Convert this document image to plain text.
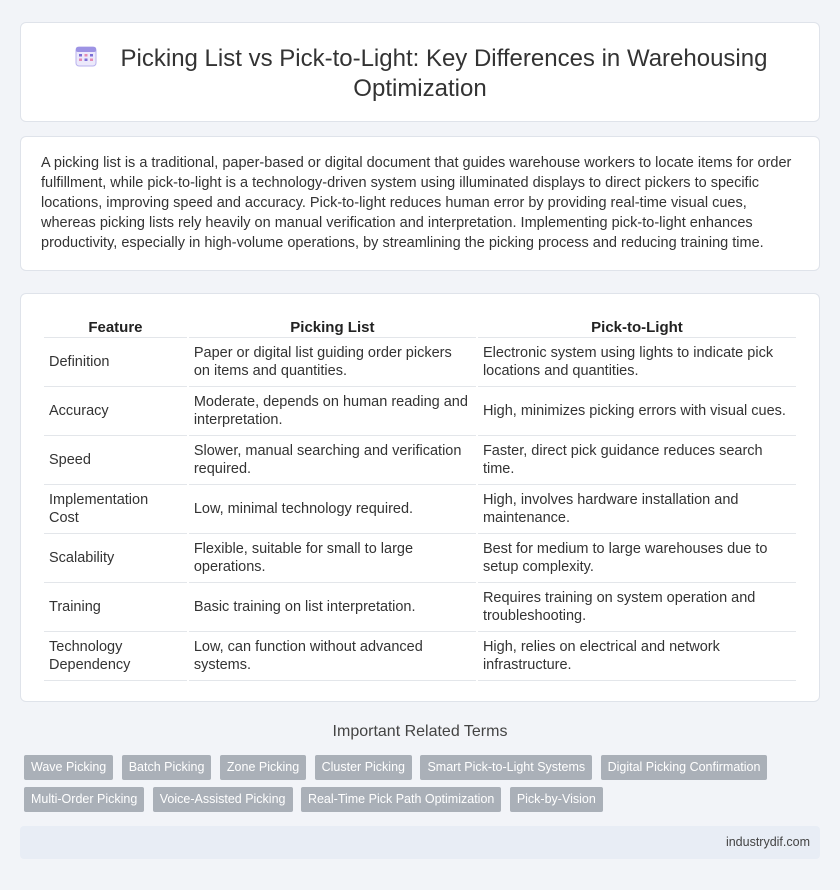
Picking List vs Pick-to-Light: Key Differences in Warehousing Optimization

A picking list is a traditional, paper-based or digital document that guides warehouse workers to locate items for order fulfillment, while pick-to-light is a technology-driven system using illuminated displays to direct pickers to specific locations, improving speed and accuracy. Pick-to-light reduces human error by providing real-time visual cues, whereas picking lists rely heavily on manual verification and interpretation. Implementing pick-to-light enhances productivity, especially in high-volume operations, by streamlining the picking process and reducing training time.

Feature	Picking List	Pick-to-Light
Definition	Paper or digital list guiding order pickers on items and quantities.	Electronic system using lights to indicate pick locations and quantities.
Accuracy	Moderate, depends on human reading and interpretation.	High, minimizes picking errors with visual cues.
Speed	Slower, manual searching and verification required.	Faster, direct pick guidance reduces search time.
Implementation Cost	Low, minimal technology required.	High, involves hardware installation and maintenance.
Scalability	Flexible, suitable for small to large operations.	Best for medium to large warehouses due to setup complexity.
Training	Basic training on list interpretation.	Requires training on system operation and troubleshooting.
Technology Dependency	Low, can function without advanced systems.	High, relies on electrical and network infrastructure.
Important Related Terms
Wave Picking Batch Picking Zone Picking Cluster Picking Smart Pick-to-Light Systems Digital Picking Confirmation Multi-Order Picking Voice-Assisted Picking Real-Time Pick Path Optimization Pick-by-Vision
industrydif.com
